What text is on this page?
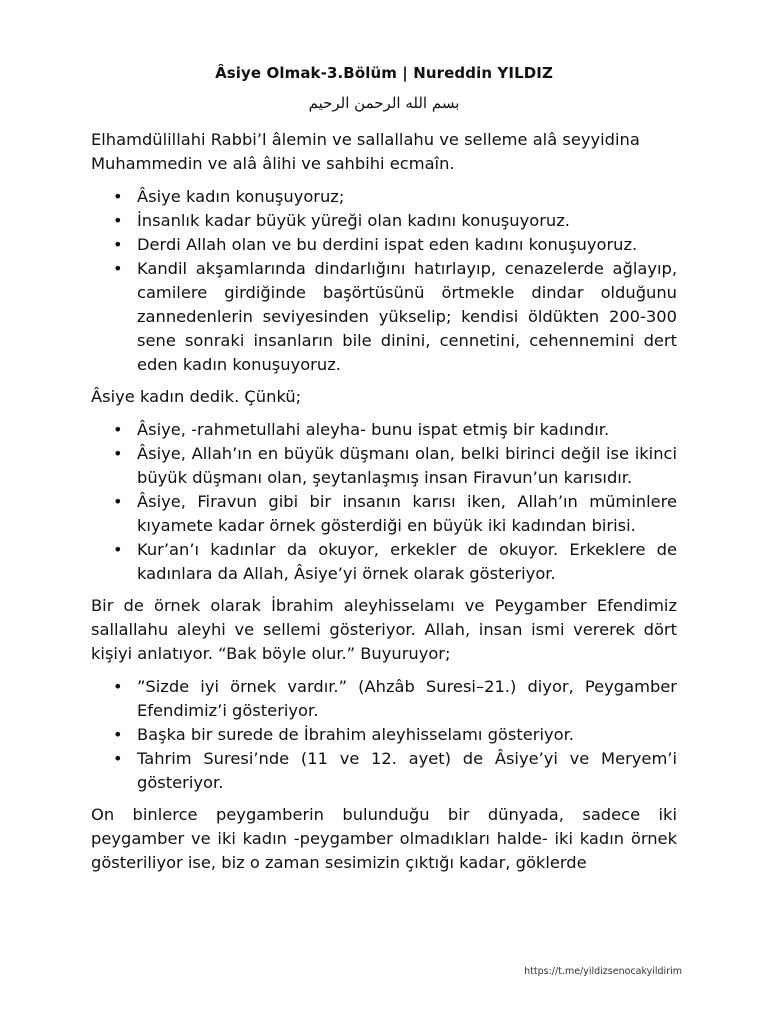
Âsiye Olmak-3.Bölüm | Nureddin YILDIZ
بسم الله الرحمن الرحيم

Elhamdülillahi Rabbi’l âlemin ve sallallahu ve selleme alâ seyyidina Muhammedin ve alâ âlihi ve sahbihi ecmaîn.

• Âsiye kadın konuşuyoruz;
• İnsanlık kadar büyük yüreği olan kadını konuşuyoruz.
• Derdi Allah olan ve bu derdini ispat eden kadını konuşuyoruz.
• Kandil akşamlarında dindarlığını hatırlayıp, cenazelerde ağlayıp, camilere girdiğinde başörtüsünü örtmekle dindar olduğunu zannedenlerin seviyesinden yükselip; kendisi öldükten 200-300 sene sonraki insanların bile dinini, cennetini, cehennemini dert eden kadın konuşuyoruz.

Âsiye kadın dedik. Çünkü;

• Âsiye, -rahmetullahi aleyha- bunu ispat etmiş bir kadındır.
• Âsiye, Allah’ın en büyük düşmanı olan, belki birinci değil ise ikinci büyük düşmanı olan, şeytanlaşmış insan Firavun’un karısıdır.
• Âsiye, Firavun gibi bir insanın karısı iken, Allah’ın müminlere kıyamete kadar örnek gösterdiği en büyük iki kadından birisi.
• Kur’an’ı kadınlar da okuyor, erkekler de okuyor. Erkeklere de kadınlara da Allah, Âsiye’yi örnek olarak gösteriyor.

Bir de örnek olarak İbrahim aleyhisselamı ve Peygamber Efendimiz sallallahu aleyhi ve sellemi gösteriyor. Allah, insan ismi vererek dört kişiyi anlatıyor. “Bak böyle olur.” Buyuruyor;

• ”Sizde iyi örnek vardır.” (Ahzâb Suresi–21.) diyor, Peygamber Efendimiz’i gösteriyor.
• Başka bir surede de İbrahim aleyhisselamı gösteriyor.
• Tahrim Suresi’nde (11 ve 12. ayet) de Âsiye’yi ve Meryem’i gösteriyor.

On binlerce peygamberin bulunduğu bir dünyada, sadece iki peygamber ve iki kadın -peygamber olmadıkları halde- iki kadın örnek gösteriliyor ise, biz o zaman sesimizin çıktığı kadar, göklerde

https://t.me/yildizsenocakyildirim
